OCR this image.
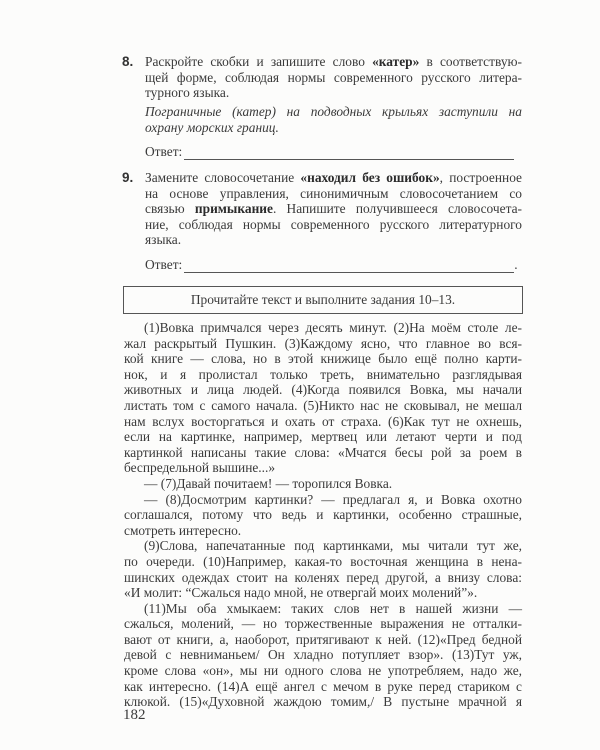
8. Раскройте скобки и запишите слово «катер» в соответствую-
щей форме, соблюдая нормы современного русского литера-
турного языка.
Пограничные (катер) на подводных крыльях заступили на
охрану морских границ.
Ответ:
9. Замените словосочетание «находил без ошибок», построенное
на основе управления, синонимичным словосочетанием со
связью примыкание. Напишите получившееся словосочета-
ние, соблюдая нормы современного русского литературного
языка.
Ответ:	.
Прочитайте текст и выполните задания 10–13.
(1)Вовка примчался через десять минут. (2)На моём столе ле-
жал раскрытый Пушкин. (3)Каждому ясно, что главное во вся-
кой книге — слова, но в этой книжице было ещё полно карти-
нок, и я пролистал только треть, внимательно разглядывая
животных и лица людей. (4)Когда появился Вовка, мы начали
листать том с самого начала. (5)Никто нас не сковывал, не мешал
нам вслух восторгаться и охать от страха. (6)Как тут не охнешь,
если на картинке, например, мертвец или летают черти и под
картинкой написаны такие слова: «Мчатся бесы рой за роем в
беспредельной вышине...»
— (7)Давай почитаем! — торопился Вовка.
— (8)Досмотрим картинки? — предлагал я, и Вовка охотно
соглашался, потому что ведь и картинки, особенно страшные,
смотреть интересно.
(9)Слова, напечатанные под картинками, мы читали тут же,
по очереди. (10)Например, какая-то восточная женщина в нена-
шинских одеждах стоит на коленях перед другой, а внизу слова:
«И молит: “Сжалься надо мной, не отвергай моих молений”».
(11)Мы оба хмыкаем: таких слов нет в нашей жизни —
сжалься, молений, — но торжественные выражения не отталки-
вают от книги, а, наоборот, притягивают к ней. (12)«Пред бедной
девой с невниманьем/ Он хладно потупляет взор». (13)Тут уж,
кроме слова «он», мы ни одного слова не употребляем, надо же,
как интересно. (14)А ещё ангел с мечом в руке перед стариком с
клюкой. (15)«Духовной жаждою томим,/ В пустыне мрачной я
182
